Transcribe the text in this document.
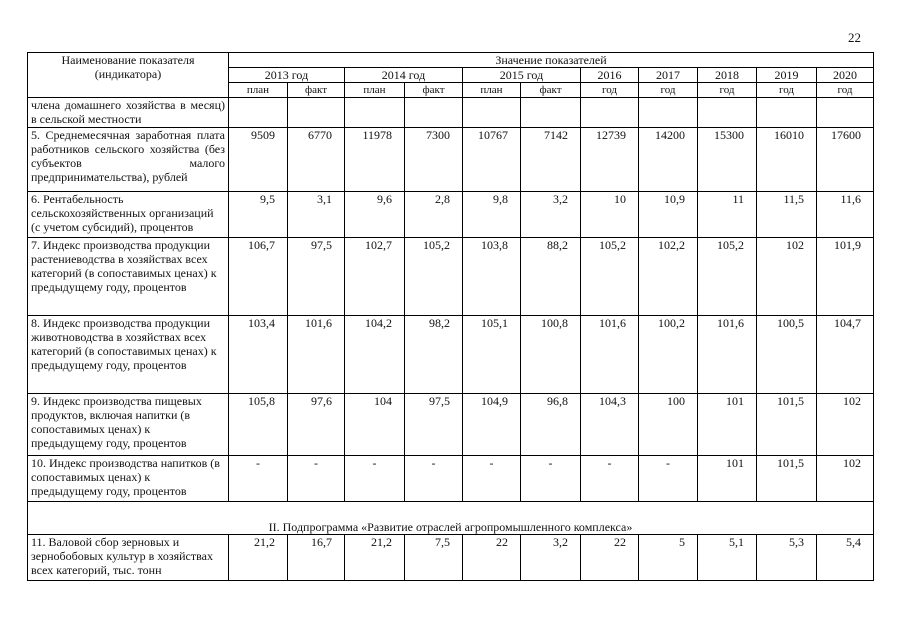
22
Наименование показателя (индикатора)	Значение показателей										
	2013 год		2014 год		2015 год		2016	2017	2018	2019	2020
	план	факт	план	факт	план	факт	год	год	год	год	год
члена домашнего хозяйства в месяц) в сельской местности											
5. Среднемесячная заработная плата работников сельского хозяйства (без субъектов малого предпринимательства), рублей	9509	6770	11978	7300	10767	7142	12739	14200	15300	16010	17600
6. Рентабельность сельскохозяйственных организаций (с учетом субсидий), процентов	9,5	3,1	9,6	2,8	9,8	3,2	10	10,9	11	11,5	11,6
7. Индекс производства продукции растениеводства в хозяйствах всех категорий (в сопоставимых ценах) к предыдущему году, процентов	106,7	97,5	102,7	105,2	103,8	88,2	105,2	102,2	105,2	102	101,9
8. Индекс производства продукции животноводства в хозяйствах всех категорий (в сопоставимых ценах) к предыдущему году, процентов	103,4	101,6	104,2	98,2	105,1	100,8	101,6	100,2	101,6	100,5	104,7
9. Индекс производства пищевых продуктов, включая напитки (в сопоставимых ценах) к предыдущему году, процентов	105,8	97,6	104	97,5	104,9	96,8	104,3	100	101	101,5	102
10. Индекс производства напитков (в сопоставимых ценах) к предыдущему году, процентов	-	-	-	-	-	-	-	-	101	101,5	102
II. Подпрограмма «Развитие отраслей агропромышленного комплекса»											
11. Валовой сбор зерновых и зернобобовых культур в хозяйствах всех категорий, тыс. тонн	21,2	16,7	21,2	7,5	22	3,2	22	5	5,1	5,3	5,4
